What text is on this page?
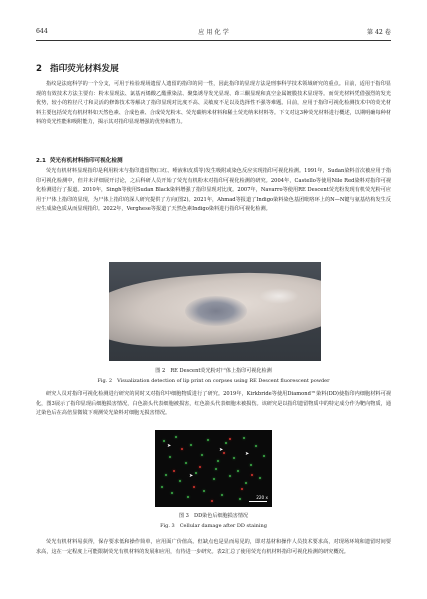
644	应 用 化 学	第 42 卷
2 指印荧光材料发展
指纹是法庭科学的一个分支，可用于检验现场遗留人遗留的指印的同一性，因此指印的显现方法是刑事科学技术领域研究的重点。目前，适用于指印显现的有效技术方法主要有：粉末显现法、氯基丙烯酸乙酯熏染法、聚集诱导发光显现、茚三酮显现和真空金属镀膜技术显现等。而荧光材料凭借强烈的发光优势，较小的粒径尺寸和灵活的修饰技术等解决了指印显现对比度不高、灵敏度不足以及选择性不强等难题。目前，应用于指印可视化检测技术中的荧光材料主要包括荧光有机材料如天然色素、合成色素、合成荧光粉末、荧光碳纳米材料和稀土荧光纳米材料等。下文对这3种荧光材料进行概述，以期明确每种材料的荧光性能和吸附能力，揭示其对指印显现增强的优势和潜力。
2.1 荧光有机材料指印可视化检测
荧光有机材料显现指印是利用粉末与指印遗留物(口红、唾液和皮质等)发生吸附或染色反应实现指印可视化检测。1991年，Sudan染料首次被应用于指印可视化检测中，但并未详细展开讨论，之后科研人员开始了荧光有机粉末对指印可视化检测的研究。2004年，Castello等使用Nile Red染料对指印可视化检测进行了报道。2010年，Singh等使用Sudan Black染料增强了指印显现对比度。2007年，Navarro等使用RE Descent荧光粉发现有机荧光粉可应用于尸体上指印的显现，为尸体上指印的深人研究提供了方向(图2)。2021年，Ahmad等报道了Indigo染料染色基团吡咯环上的N—N键与氨基结构发生反应生成染色质从而显现指印。2022年，Verghese等报道了天然色素Indigo染料进行指印可视化检测。
图 2　RE Descent荧光粉对尸体上指印可视化检测
Fig. 2　Visualization detection of lip print on corpses using RE Descent fluorescent powder
研究人员对指印可视化检测进行研究的同时又对指印中细胞物质进行了研究。2019年，Kirkbride等使用Diamond™染料(DD)使指印内细胞材料可视化，图3展示了指印显现后细胞损害情况，白色箭头代表细胞被损害，红色箭头代表细胞未被损伤。该研究是以指印遗留物质中的特定成分作为靶向物质，通过染色后在高倍显微镜下观测荧光染料对细胞无损害情况。
220 x
➤
➤
➤
➤
图 3　DD染色后细胞损害情况
Fig. 3　Cellular damage after DD staining
荧光有机材料易获得，保存要求低和操作简单，应用面广价值高。但缺点也是显而易见的，即对基材和操作人员技术要求高，对现场环境和遗留时间要求高，这在一定程度上可能限制荧光有机材料的发展和应用，有待进一步研究。表2汇总了使用荧光有机材料指印可视化检测的研究概况。
